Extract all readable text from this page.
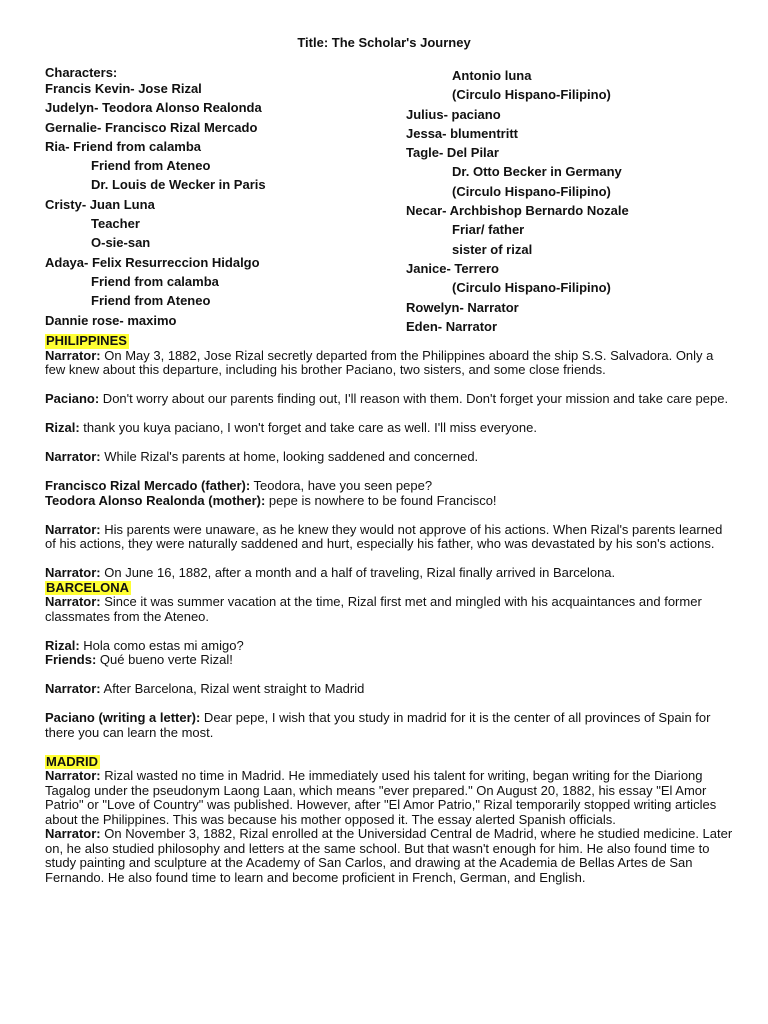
Title: The Scholar's Journey
Characters:
Francis Kevin- Jose Rizal
Judelyn- Teodora Alonso Realonda
Gernalie- Francisco Rizal Mercado
Ria- Friend from calamba
Friend from Ateneo
Dr. Louis de Wecker in Paris
Cristy- Juan Luna
Teacher
O-sie-san
Adaya- Felix Resurreccion Hidalgo
Friend from calamba
Friend from Ateneo
Dannie rose- maximo
Antonio luna
(Circulo Hispano-Filipino)
Julius- paciano
Jessa- blumentritt
Tagle- Del Pilar
Dr. Otto Becker in Germany
(Circulo Hispano-Filipino)
Necar- Archbishop Bernardo Nozale
Friar/ father
sister of rizal
Janice- Terrero
(Circulo Hispano-Filipino)
Rowelyn- Narrator
Eden- Narrator
PHILIPPINES
Narrator: On May 3, 1882, Jose Rizal secretly departed from the Philippines aboard the ship S.S. Salvadora. Only a few knew about this departure, including his brother Paciano, two sisters, and some close friends.
Paciano: Don't worry about our parents finding out, I'll reason with them. Don't forget your mission and take care pepe.
Rizal: thank you kuya paciano, I won't forget and take care as well. I'll miss everyone.
Narrator: While Rizal's parents at home, looking saddened and concerned.
Francisco Rizal Mercado (father): Teodora, have you seen pepe?
Teodora Alonso Realonda (mother): pepe is nowhere to be found Francisco!
Narrator: His parents were unaware, as he knew they would not approve of his actions. When Rizal's parents learned of his actions, they were naturally saddened and hurt, especially his father, who was devastated by his son's actions.
Narrator: On June 16, 1882, after a month and a half of traveling, Rizal finally arrived in Barcelona.
BARCELONA
Narrator: Since it was summer vacation at the time, Rizal first met and mingled with his acquaintances and former classmates from the Ateneo.
Rizal: Hola como estas mi amigo?
Friends: Qué bueno verte Rizal!
Narrator: After Barcelona, Rizal went straight to Madrid
Paciano (writing a letter): Dear pepe, I wish that you study in madrid for it is the center of all provinces of Spain for there you can learn the most.
MADRID
Narrator: Rizal wasted no time in Madrid. He immediately used his talent for writing, began writing for the Diariong Tagalog under the pseudonym Laong Laan, which means "ever prepared." On August 20, 1882, his essay "El Amor Patrio" or "Love of Country" was published. However, after "El Amor Patrio," Rizal temporarily stopped writing articles about the Philippines. This was because his mother opposed it. The essay alerted Spanish officials.
Narrator: On November 3, 1882, Rizal enrolled at the Universidad Central de Madrid, where he studied medicine. Later on, he also studied philosophy and letters at the same school. But that wasn't enough for him. He also found time to study painting and sculpture at the Academy of San Carlos, and drawing at the Academia de Bellas Artes de San Fernando. He also found time to learn and become proficient in French, German, and English.
